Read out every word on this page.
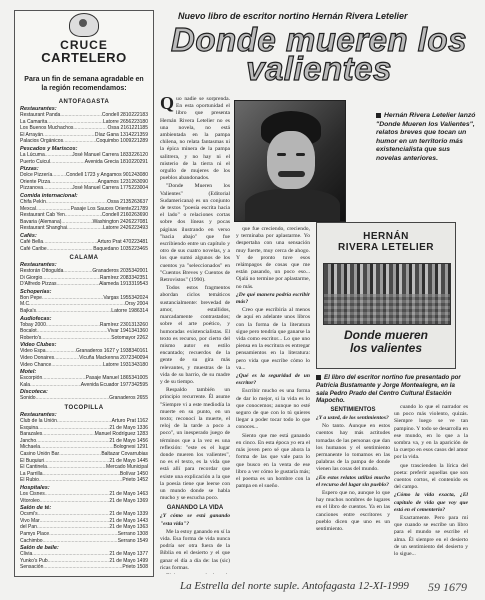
CRUCE
CARTELERO
Para un fin de semana agradable en la región recomendamos:
ANTOFAGASTA
Restaurantes:
Restaurant Panda .....	Condell 2810 222183
La Camarita .....	Latorre 2656 223180
Los Buenos Muchachos .....	Ossa 2161 221185
El Arrayán .....	Díaz Gana 1314 221359
Palacios Orgánicos .....	Coquimbo 1009 221289
Pescados y Mariscos:
La Lúcuma .....	José Manuel Carrera 1833 226120
Puerto Cuicul .....	Avenida Grecia 1810 220291
Pizzas:
Dolce Pizzería .....	Condell 1723 y Angamos 901 243080
Oriente Pizza .....	Angamos 1231 263090
Pizzanova .....	José Manuel Carrera 1775 223004
Comida internacional:
Chifa Pekín .....	Ossa 2135 263637
Mexcal .....	Pasaje Los Sauces Oriente 221789
Restaurant Cab Yen .....	Condell 2160 263690
Bavaria (Alemana) .....	Washington 2426 227081
Restaurant Shanghai .....	Latorre 2426 223493
Cafés:
Café Bella .....	Arturo Prat 470 223481
Café Caribe .....	Baquedano 1035 223465
CALAMA
Restaurantes:
Restorán Ottogulda .....	Granaderos 2035 342001
Di Giorgio .....	Ramírez 2083 342351
D'Alfredo Pizzas .....	Alameda 1913 319543
Schoperías:
Bon Pepe .....	Vargas 1955 342024
M.C. .....	Orsy 2004
Bajka's .....	Latorre 1986 314
Audiofecas:
Tobay 2000 .....	Ramírez 2301 313260
Bocalot .....	Vivar 1941 341360
Roberto's .....	Sotomayor 2262
Video Clubes:
Video Espa .....	Granaderos 1627 y 1938 340161
Video Donaires .....	Vicuña Mackenna 2072 340094
Video Chance .....	Latorre 1931 343180
Motel:
Escorpión .....	Pasaje Manuel 1865 341005
Kala .....	Avenida Ecuador 1977 342595
Discoteca:
Sonido .....	Granaderos 2655
TOCOPILLA
Restaurantes:
Club de la Unión .....	Arturo Prat 1162
Esquina .....	21 de Mayo 1336
Barazales .....	Manuel Rodríguez 1283
Jancho .....	21 de Mayo 1456
Michaela .....	Bolognesi 1291
Casino Unión Bar .....	Baltazar Covarrubias
El Buquiuri .....	21 de Mayo 1445
El Cantinela .....	Mercado Municipal
La Parrilla .....	Bolívar 1450
El Rubio .....	Prieto 1452
Hospitales:
Los Cisnes .....	21 de Mayo 1463
Vitoroleo .....	21 de Mayo 1369
Salón de té:
Ocsmi's .....	21 de Mayo 1339
Vivo Mar .....	21 de Mayo 1443
del Pan .....	21 de Mayo 1363
Pamys Place .....	Serrano 1308
Cachimbo .....	Serrano 1549
Salón de baile:
Clivia .....	21 de Mayo 1377
Yunko's Pub .....	21 de Mayo 1499
Sensación .....	Prieto 1508
Nuevo libro de escritor nortino Hernán Rivera Letelier
Donde mueren los valientes

Quo nadie se sorprenda. En esta oportunidad el libro que presenta Hernán Rivera Letelier no es una novela, no está ambientada en la pampa chilena, no relata fantasmas ni la épica minera de la pampa salitrera, y no hay ni el misterio de la tierra ni el orgullo de mujeres de los pueblos abandonados.

"Donde Mueren los Valientes" (Editorial Sudamericana) es un conjunto de textos "poesía escrita hacia el lado" o relaciones cortas sobre dos líneas y pocas páginas ilustrando en verso "hacia abajo" que fue escribiendo entre un capítulo y otro de sus cuatro novelas, y a los que sumó algunos de los cuentos ya "seleccionados" en "Cuentos Breves y Cuentos de Retrovistos" (1990).

Todos estos fragmentos abordan ciclos temáticos sustancialmente: brevedad de amor, estallidos, marcadamente contrastados; sobre el arte poético, y humoradas existencialistas. El texto es recurso, por cierto del mismo autor en estilo encantado; recuerdos de la gente de su gira más relevantes, y muestras de la vida de su barrio, de su madre y de su tiempo.

Respaldo también un principio recurrente. Él asume "Siempre vi a este mediodía la muerte en su punto, en un texto; reconocí la muerte, el reloj de la tarde a poco a poco", un inesperado juego de términos que a la vez es una reflexión: "este es el lugar donde mueren los valientes", no es el texto, es la vida que está allí para recordar que existe una explicación a la que la poesía tiene que leerse con un mundo donde se habla mucho y se escucha poco.

GANANDO LA VIDA

¿Y cómo se está ganando "esta vida"?

Me la estoy ganando en sí la vida. Esa forma de vida nunca podría ser otra fuera de la Biblia en el desierto y el que ganar el día a día de: las (sic) ricas formas.

Hernán Rivera Letelier lanzó "Donde Mueren los Valientes", relatos breves que tocan un humor en un territorio más existencialista que sus novelas anteriores.

que fue creciendo, creciendo, y terminaba por aplastarme. Yo despertaba con una sensación muy fuerte, muy cerca de ahogo. Y de pronto tuve esos relámpagos de cosas que me están pasando, un poco eso... Ojalá no termine por aplastarme, no más.

¿De qué manera podría escribir más?

Creo que escribiría al menos de aquí en adelante unos libros con la forma de la literatura sigue pero tendría que ganarse la vida como escritor... Lo que uno piensa en la escritura es entregar pensamientos en la literatura: pero vida que escribe cómo lo va...

¿Qué es la seguridad de un escritor?

Escribir mucho es una forma de dar lo mejor, si la vida es lo que conocemos; aunque no esté seguro de que con lo tú quieres llegar a poder tocar todo lo que conoces...

Siento que me está ganando en cinco. En esta época yo era el más joven pero sé que ahora la forma de las que vale para lo que busco en la venta de ese libro a ver cómo le gustaría más; el poema es un hombre con la pampa en el sueño.

HERNÁN
RIVERA LETELIER
Donde mueren
los valientes
El libro del escritor nortino fue presentado por Patricia Bustamante y Jorge Montealegre, en la sala Pedro Prado del Centro Cultural Estación Mapocho.

SENTIMIENTOS

¿Y a usted, de los sentimientos?

No tanto. Aunque en estos cuentos hay más actitudes tomadas de las personas que dan los humanos y el sentimiento permanente lo tomamos en las palabras de la pampa de donde vienen las cosas del mundo.

¿En estos relatos utilizó mucho el recurso del lugar sin pueblo?

Espero que no, aunque lo que hay muchos nombres de lugares en el libro de cuentos. Ya en las canciones entre escritores y pueblo dicen que uno es un sentimiento.

cuando lo que el narrador es un poco más violento, quizás. Siempre luego se ve tan pampino. Y todo se desarrolla en ese mundo, en lo que a la sombra va, y en la aparición de la cuerpo en esos casos del amor por la vida.

que trascienden la lírica del poeta: preferir aquellas que son cuentos cortos, el contenido es del campo.

¿Cómo la vida exacta, ¿El capítulo de vida que voy que está en el cementerio?

Exactamente. Pero para mí que cuando se escribe un libro para el mundo se escribe el alma. Él siempre en el desierto de un sentimiento del desierto y lo sigue...

La Estrella del norte suple. Antofagasta 12-XI-1999 59 1679
